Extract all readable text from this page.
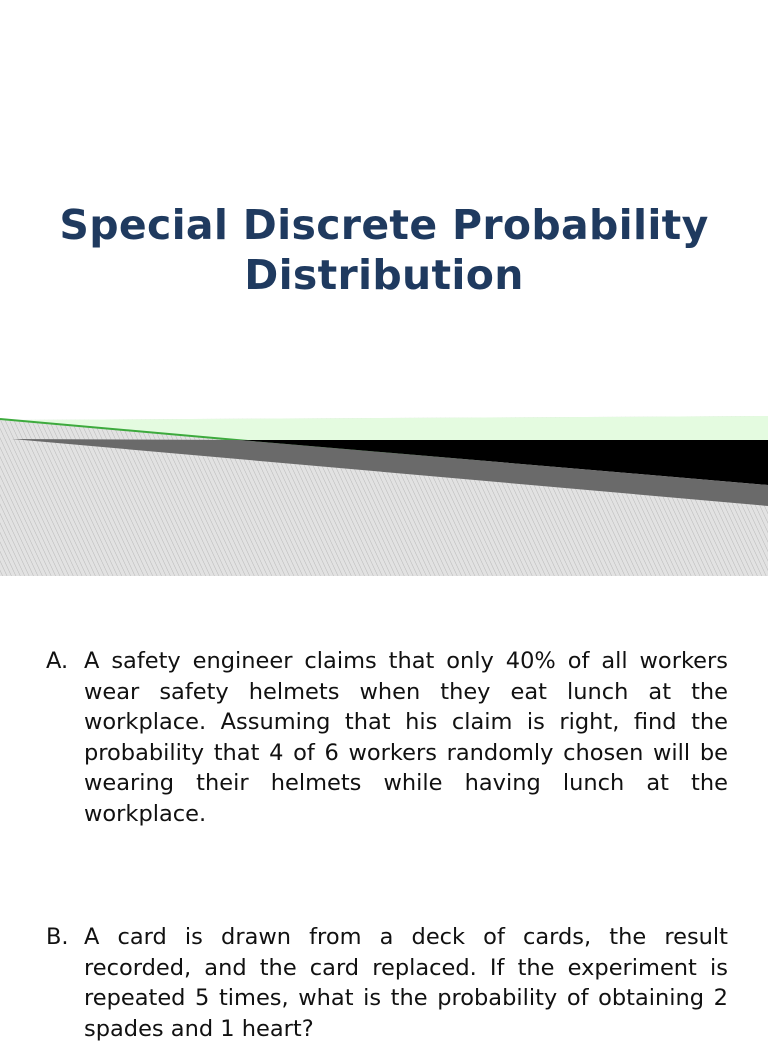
Special Discrete Probability Distribution
A. A safety engineer claims that only 40% of all workers wear safety helmets when they eat lunch at the workplace. Assuming that his claim is right, find the probability that 4 of 6 workers randomly chosen will be wearing their helmets while having lunch at the workplace.
B. A card is drawn from a deck of cards, the result recorded, and the card replaced. If the experiment is repeated 5 times, what is the probability of obtaining 2 spades and 1 heart?
